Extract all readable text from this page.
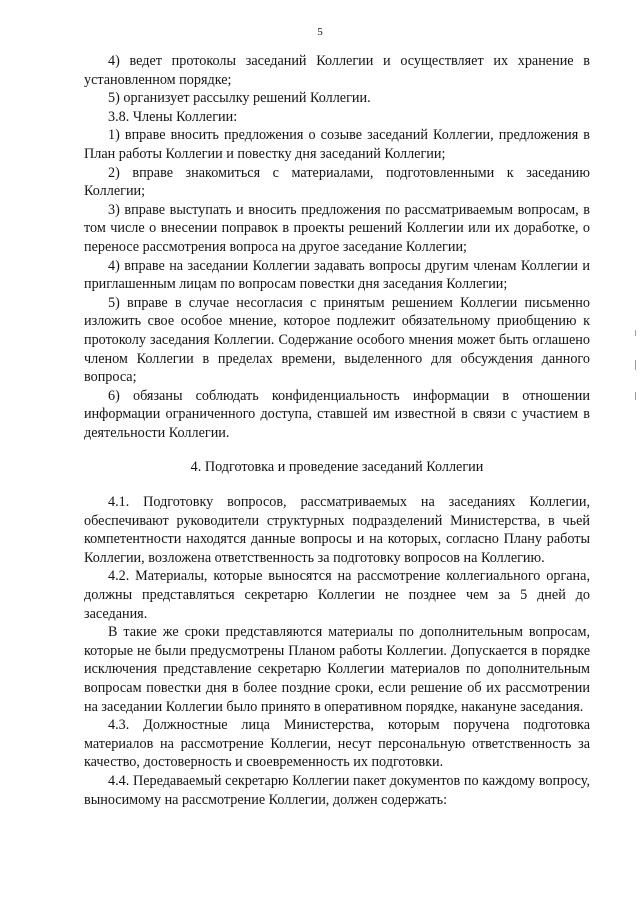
5

4) ведет протоколы заседаний Коллегии и осуществляет их хранение в установленном порядке;

5) организует рассылку решений Коллегии.

3.8. Члены Коллегии:

1) вправе вносить предложения о созыве заседаний Коллегии, предложения в План работы Коллегии и повестку дня заседаний Коллегии;

2) вправе знакомиться с материалами, подготовленными к заседанию Коллегии;

3) вправе выступать и вносить предложения по рассматриваемым вопросам, в том числе о внесении поправок в проекты решений Коллегии или их доработке, о переносе рассмотрения вопроса на другое заседание Коллегии;

4) вправе на заседании Коллегии задавать вопросы другим членам Коллегии и приглашенным лицам по вопросам повестки дня заседания Коллегии;

5) вправе в случае несогласия с принятым решением Коллегии письменно изложить свое особое мнение, которое подлежит обязательному приобщению к протоколу заседания Коллегии. Содержание особого мнения может быть оглашено членом Коллегии в пределах времени, выделенного для обсуждения данного вопроса;

6) обязаны соблюдать конфиденциальность информации в отношении информации ограниченного доступа, ставшей им известной в связи с участием в деятельности Коллегии.

4. Подготовка и проведение заседаний Коллегии

4.1. Подготовку вопросов, рассматриваемых на заседаниях Коллегии, обеспечивают руководители структурных подразделений Министерства, в чьей компетентности находятся данные вопросы и на которых, согласно Плану работы Коллегии, возложена ответственность за подготовку вопросов на Коллегию.

4.2. Материалы, которые выносятся на рассмотрение коллегиального органа, должны представляться секретарю Коллегии не позднее чем за 5 дней до заседания.

В такие же сроки представляются материалы по дополнительным вопросам, которые не были предусмотрены Планом работы Коллегии. Допускается в порядке исключения представление секретарю Коллегии материалов по дополнительным вопросам повестки дня в более поздние сроки, если решение об их рассмотрении на заседании Коллегии было принято в оперативном порядке, накануне заседания.

4.3. Должностные лица Министерства, которым поручена подготовка материалов на рассмотрение Коллегии, несут персональную ответственность за качество, достоверность и своевременность их подготовки.

4.4. Передаваемый секретарю Коллегии пакет документов по каждому вопросу, выносимому на рассмотрение Коллегии, должен содержать:
